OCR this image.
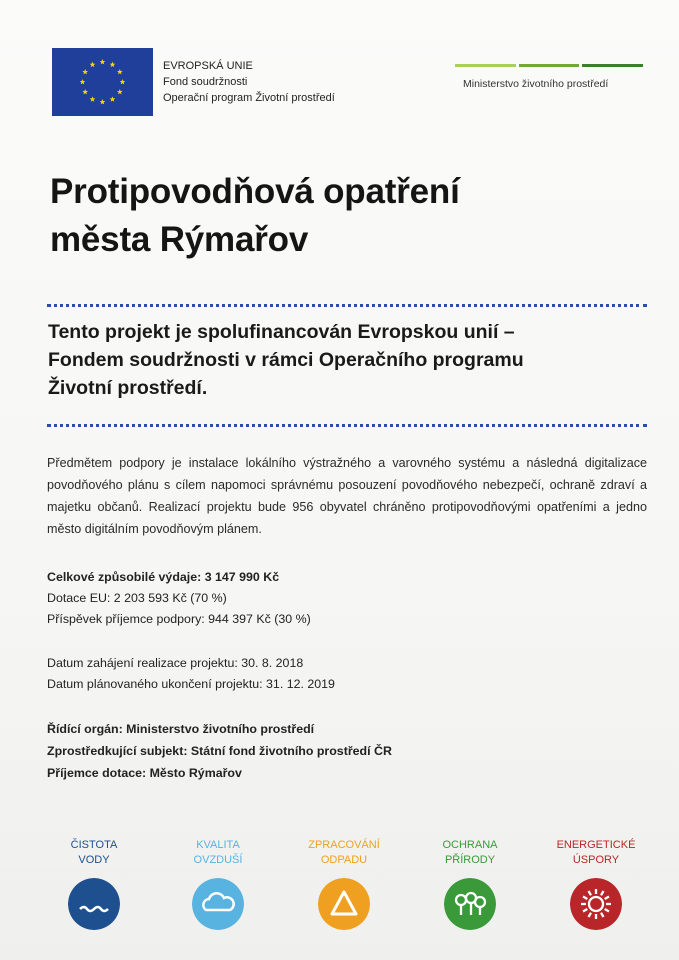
EVROPSKÁ UNIE
Fond soudržnosti
Operační program Životní prostředí
Ministerstvo životního prostředí
Protipovodňová opatření
města Rýmařov
Tento projekt je spolufinancován Evropskou unií –
Fondem soudržnosti v rámci Operačního programu
Životní prostředí.
Předmětem podpory je instalace lokálního výstražného a varovného systému a následná digitalizace povodňového plánu s cílem napomoci správnému posouzení povodňového nebezpečí, ochraně zdraví a majetku občanů. Realizací projektu bude 956 obyvatel chráněno protipovodňovými opatřeními a jedno město digitálním povodňovým plánem.
Celkové způsobilé výdaje: 3 147 990 Kč
Dotace EU: 2 203 593 Kč (70 %)
Příspěvek příjemce podpory: 944 397 Kč (30 %)
Datum zahájení realizace projektu: 30. 8. 2018
Datum plánovaného ukončení projektu: 31. 12. 2019
Řídící orgán: Ministerstvo životního prostředí
Zprostředkující subjekt: Státní fond životního prostředí ČR
Příjemce dotace: Město Rýmařov
ČISTOTA
VODY
KVALITA
OVZDUŠÍ
ZPRACOVÁNÍ
ODPADU
OCHRANA
PŘÍRODY
ENERGETICKÉ
ÚSPORY
